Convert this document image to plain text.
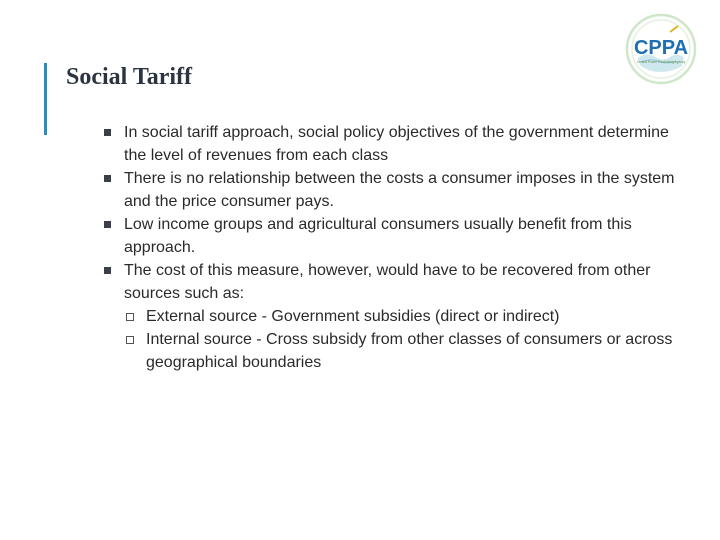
Social Tariff
CPPA
Central Power Purchasing Agency
In social tariff approach, social policy objectives of the government determine the level of revenues from each class
There is no relationship between the costs a consumer imposes in the system and the price consumer pays.
Low income groups and agricultural consumers usually benefit from this approach.
The cost of this measure, however, would have to be recovered from other sources such as:
External source - Government subsidies (direct or indirect)
Internal source - Cross subsidy from other classes of consumers or across geographical boundaries
